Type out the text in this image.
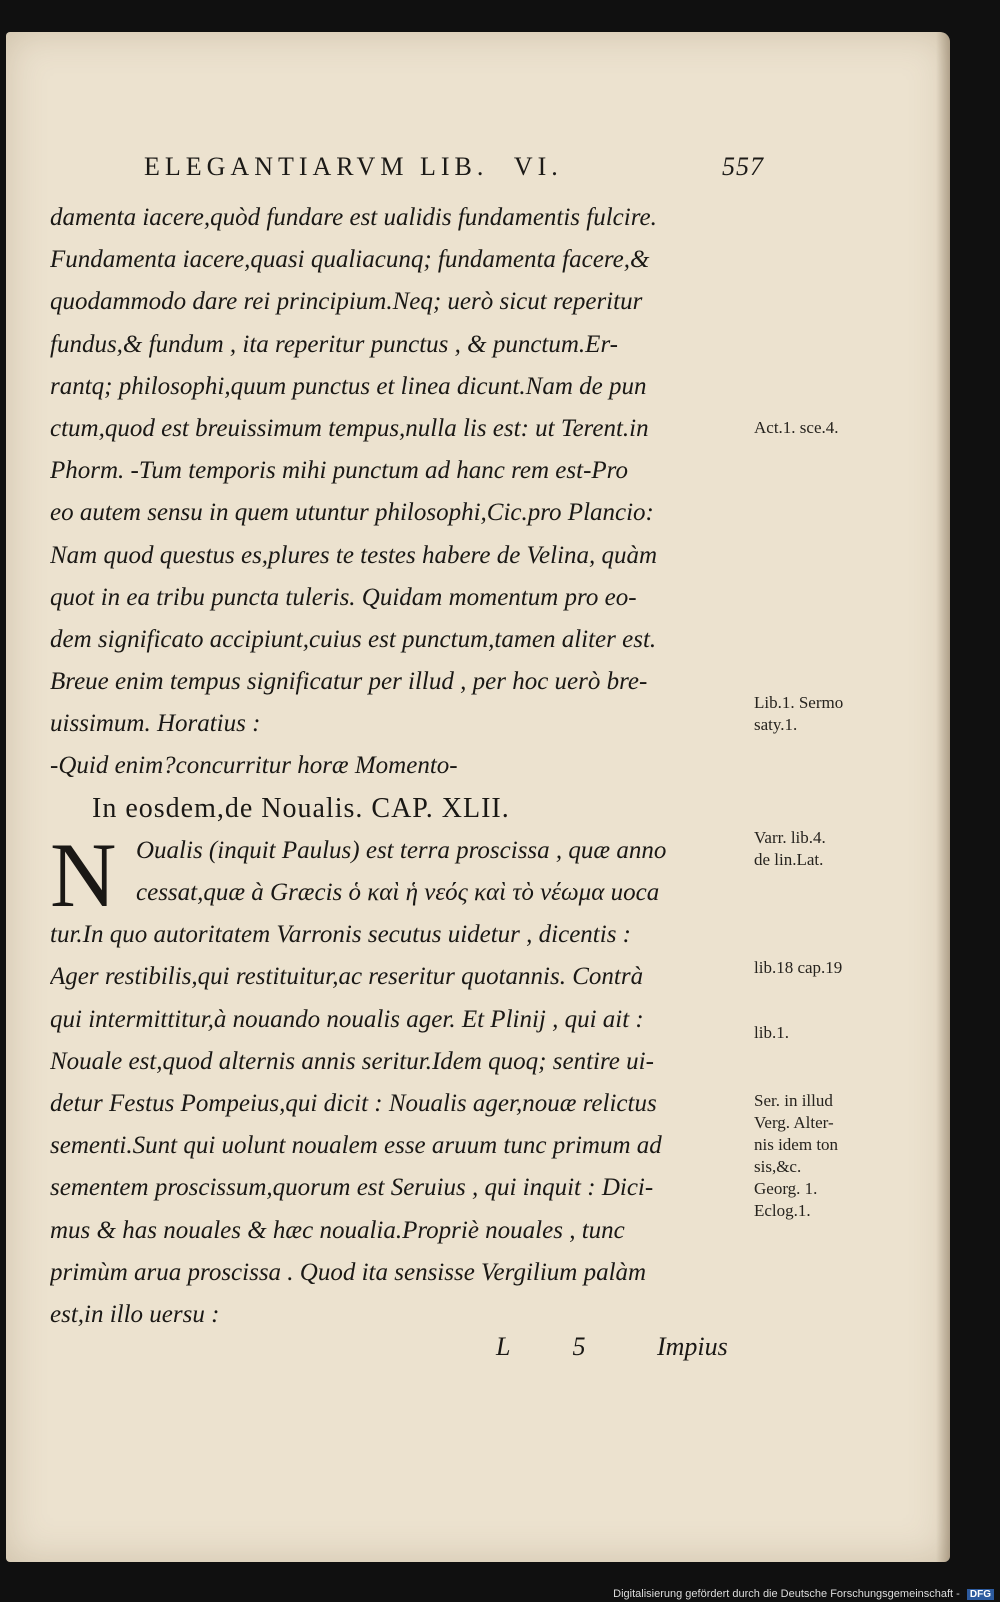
ELEGANTIARVM LIB. VI.	557
damenta iacere,quòd fundare est ualidis fundamentis fulcire.
Fundamenta iacere,quasi qualiacunq; fundamenta facere,&
quodammodo dare rei principium.Neq; uerò sicut reperitur
fundus,& fundum , ita reperitur punctus , & punctum.Er-
rantq; philosophi,quum punctus et linea dicunt.Nam de pun
ctum,quod est breuissimum tempus,nulla lis est: ut Terent.in
Phorm. -Tum temporis mihi punctum ad hanc rem est-Pro
eo autem sensu in quem utuntur philosophi,Cic.pro Plancio:
Nam quod questus es,plures te testes habere de Velina, quàm
quot in ea tribu puncta tuleris. Quidam momentum pro eo-
dem significato accipiunt,cuius est punctum,tamen aliter est.
Breue enim tempus significatur per illud , per hoc uerò bre-
uissimum. Horatius :
-Quid enim?concurritur horæ Momento-
In eosdem,de Noualis. CAP. XLII.
Oualis (inquit Paulus) est terra proscissa , quæ anno
cessat,quæ à Græcis ὁ καὶ ἡ νεός καὶ τὸ νέωμα uoca
tur.In quo autoritatem Varronis secutus uidetur , dicentis :
Ager restibilis,qui restituitur,ac reseritur quotannis. Contrà
qui intermittitur,à nouando noualis ager. Et Plinij , qui ait :
Nouale est,quod alternis annis seritur.Idem quoq; sentire ui-
detur Festus Pompeius,qui dicit : Noualis ager,nouæ relictus
sementi.Sunt qui uolunt noualem esse aruum tunc primum ad
sementem proscissum,quorum est Seruius , qui inquit : Dici-
mus & has nouales & hæc noualia.Propriè nouales , tunc
primùm arua proscissa . Quod ita sensisse Vergilium palàm
est,in illo uersu :
N
L 5	Impius
Act.1. sce.4.
Lib.1. Sermo
saty.1.
Varr. lib.4.
de lin.Lat.
lib.18 cap.19
lib.1.
Ser. in illud
Verg. Alter-
nis idem ton
sis,&c.
Georg. 1.
Eclog.1.
Digitalisierung gefördert durch die Deutsche Forschungsgemeinschaft - DFG
